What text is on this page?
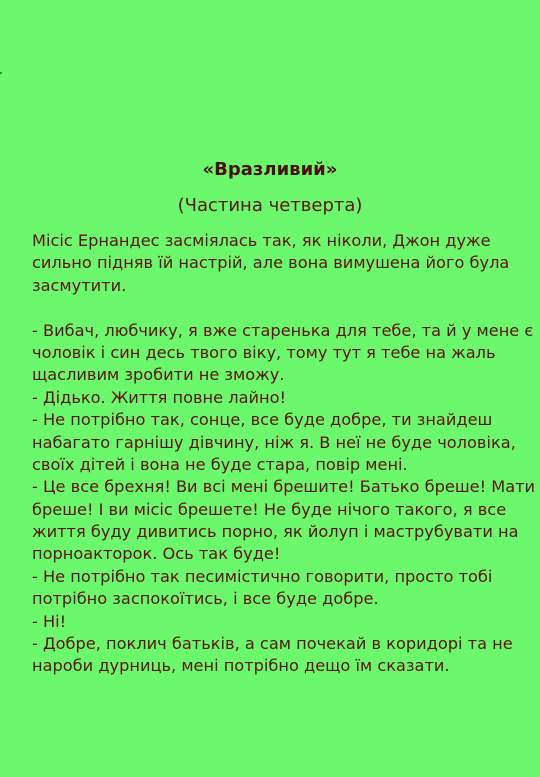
«Вразливий»
(Частина четверта)
Місіс Ернандес засміялась так, як ніколи, Джон дуже
сильно підняв їй настрій, але вона вимушена його була
засмутити.
- Вибач, любчику, я вже старенька для тебе, та й у мене є
чоловік і син десь твого віку, тому тут я тебе на жаль
щасливим зробити не зможу.
- Дідько. Життя повне лайно!
- Не потрібно так, сонце, все буде добре, ти знайдеш
набагато гарнішу дівчину, ніж я. В неї не буде чоловіка,
своїх дітей і вона не буде стара, повір мені.
- Це все брехня! Ви всі мені брешите! Батько бреше! Мати
бреше! І ви місіс брешете! Не буде нічого такого, я все
життя буду дивитись порно, як йолуп і маструбувати на
порноакторок. Ось так буде!
- Не потрібно так песимістично говорити, просто тобі
потрібно заспокоїтись, і все буде добре.
- Ні!
- Добре, поклич батьків, а сам почекай в коридорі та не
нароби дурниць, мені потрібно дещо їм сказати.
